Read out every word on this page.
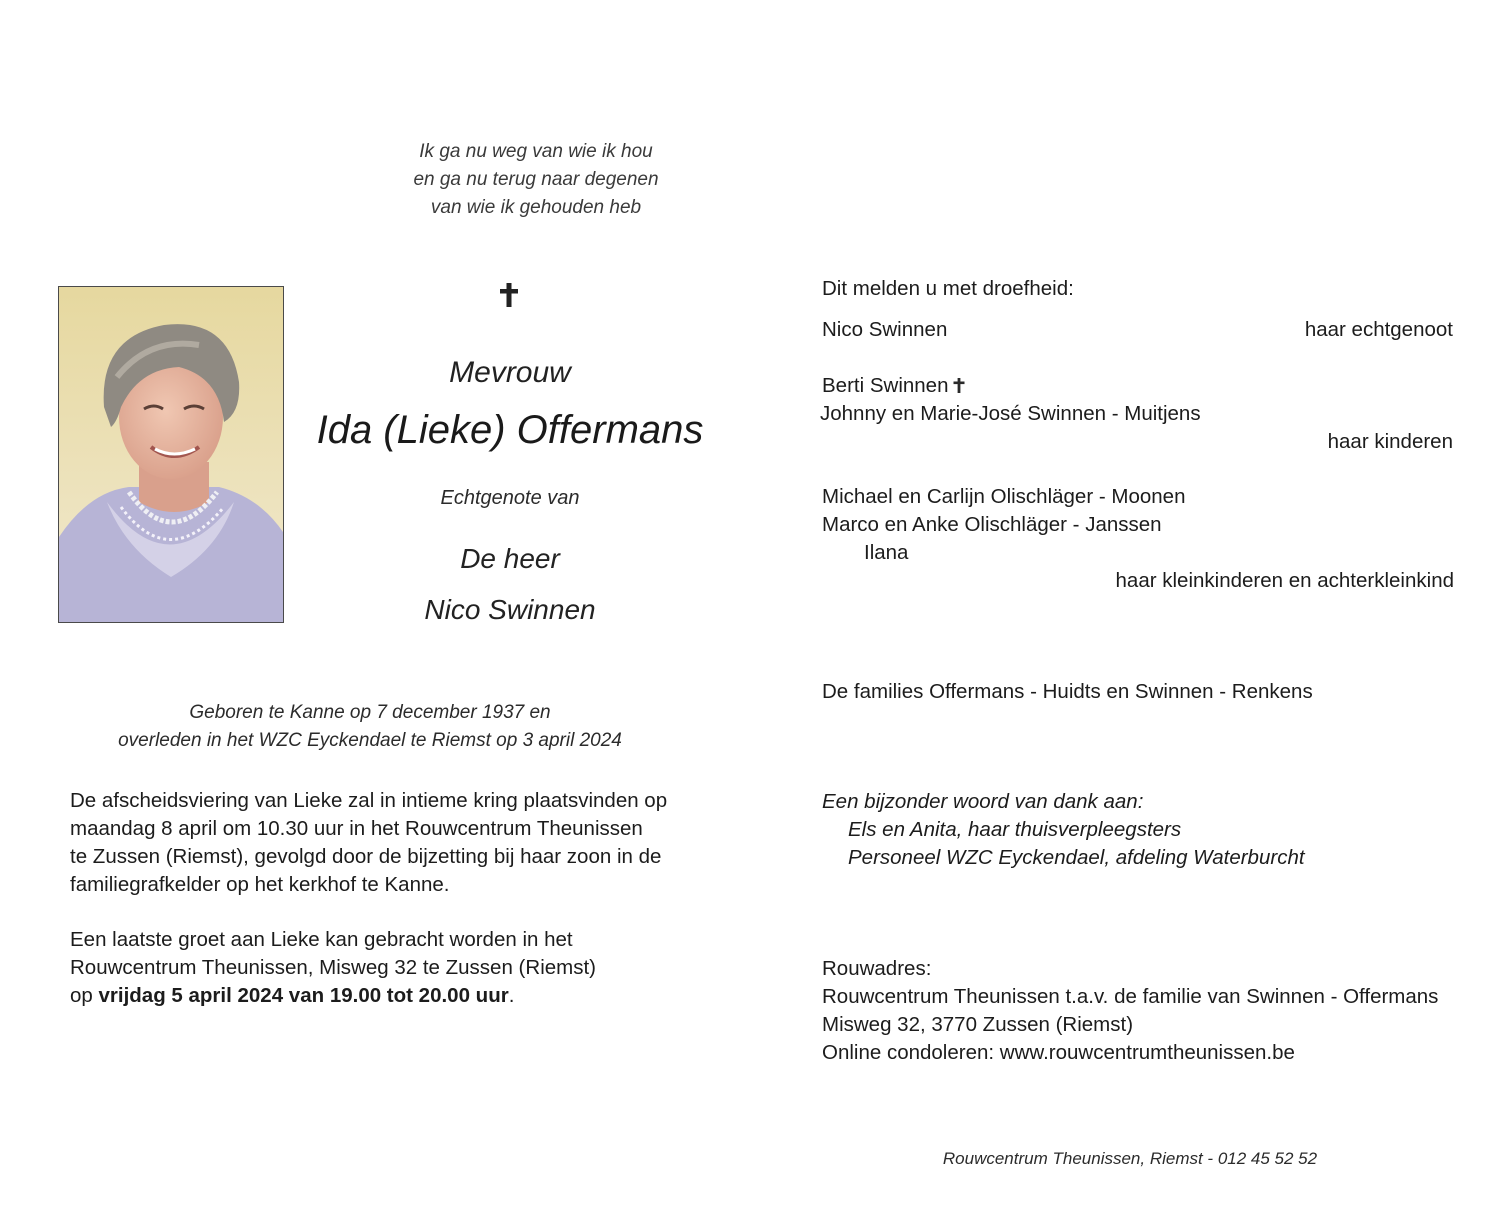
Ik ga nu weg van wie ik hou
en ga nu terug naar degenen
van wie ik gehouden heb
Mevrouw
Ida (Lieke) Offermans
Echtgenote van
De heer
Nico Swinnen
Geboren te Kanne op 7 december 1937 en
overleden in het WZC Eyckendael te Riemst op 3 april 2024
De afscheidsviering van Lieke zal in intieme kring plaatsvinden op
maandag 8 april om 10.30 uur in het Rouwcentrum Theunissen
te Zussen (Riemst), gevolgd door de bijzetting bij haar zoon in de
familiegrafkelder op het kerkhof te Kanne.
Een laatste groet aan Lieke kan gebracht worden in het
Rouwcentrum Theunissen, Misweg 32 te Zussen (Riemst)
op vrijdag 5 april 2024 van 19.00 tot 20.00 uur.
Dit melden u met droefheid:
Nico Swinnen	haar echtgenoot
Berti Swinnen
Johnny en Marie-José Swinnen - Muitjens
haar kinderen
Michael en Carlijn Olischläger - Moonen
Marco en Anke Olischläger - Janssen
Ilana
haar kleinkinderen en achterkleinkind
De families Offermans - Huidts en Swinnen - Renkens
Een bijzonder woord van dank aan:
Els en Anita, haar thuisverpleegsters
Personeel WZC Eyckendael, afdeling Waterburcht
Rouwadres:
Rouwcentrum Theunissen t.a.v. de familie van Swinnen - Offermans
Misweg 32, 3770 Zussen (Riemst)
Online condoleren: www.rouwcentrumtheunissen.be
Rouwcentrum Theunissen, Riemst - 012 45 52 52
